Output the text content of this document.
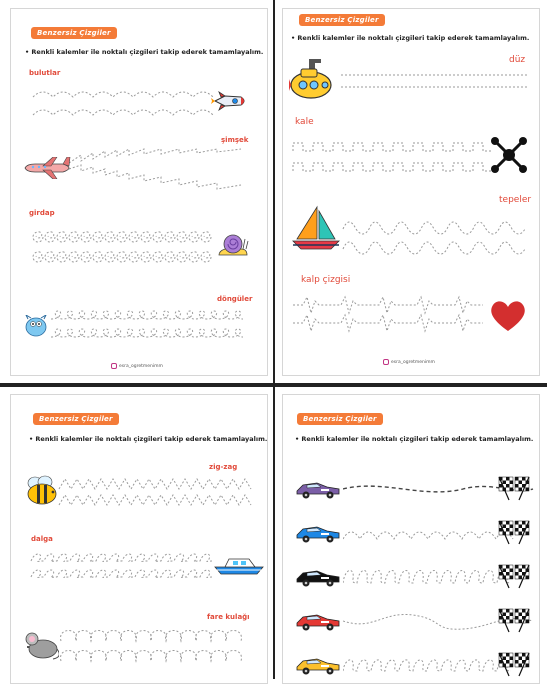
Benzersiz Çizgiler
• Renkli kalemler ile noktalı çizgileri takip ederek tamamlayalım.
bulutlar
şimşek
girdap
döngüler
esra_ogretmenimm
Benzersiz Çizgiler
• Renkli kalemler ile noktalı çizgileri takip ederek tamamlayalım.
düz
kale
tepeler
kalp çizgisi
esra_ogretmenimm
Benzersiz Çizgiler
• Renkli kalemler ile noktalı çizgileri takip ederek tamamlayalım.
zig-zag
dalga
fare kulağı
Benzersiz Çizgiler
• Renkli kalemler ile noktalı çizgileri takip ederek tamamlayalım.
